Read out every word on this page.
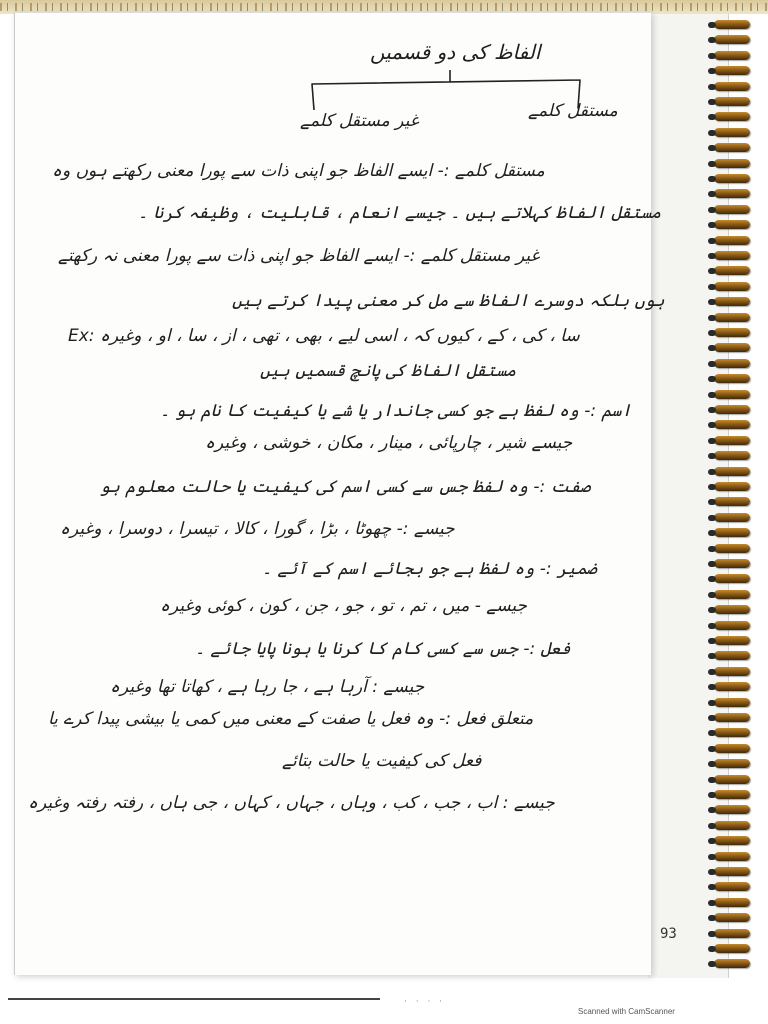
الفاظ کی دو قسمیں
مستقل کلمے
غیر مستقل کلمے
مستقل کلمے :- ایسے الفاظ جو اپنی ذات سے پورا معنی رکھتے ہوں وہ
مستقل الفاظ کہلاتے ہیں ۔ جیسے انعام ، قابلیت ، وظیفہ کرنا ۔
غیر مستقل کلمے :- ایسے الفاظ جو اپنی ذات سے پورا معنی نہ رکھتے
ہوں بلکہ دوسرے الفاظ سے مل کر معنی پیدا کرتے ہیں
Ex: سا ، کی ، کے ، کیوں کہ ، اسی لیے ، بھی ، تھی ، از ، سا ، او ، وغیرہ
مستقل الفاظ کی پانچ قسمیں ہیں
اسم :- وہ لفظ ہے جو کسی جاندار یا شے یا کیفیت کا نام ہو ۔
جیسے شیر ، چارپائی ، مینار ، مکان ، خوشی ، وغیرہ
صفت :- وہ لفظ جس سے کسی اسم کی کیفیت یا حالت معلوم ہو
جیسے :- چھوٹا ، بڑا ، گورا ، کالا ، تیسرا ، دوسرا ، وغیرہ
ضمیر :- وہ لفظ ہے جو بجائے اسم کے آئے ۔
جیسے - میں ، تم ، تو ، جو ، جن ، کون ، کوئی وغیرہ
فعل :- جس سے کسی کام کا کرنا یا ہونا پایا جائے ۔
جیسے : آرہا ہے ، جا رہا ہے ، کھاتا تھا وغیرہ
متعلق فعل :- وہ فعل یا صفت کے معنی میں کمی یا بیشی پیدا کرے یا
فعل کی کیفیت یا حالت بتائے
جیسے : اب ، جب ، کب ، وہاں ، جہاں ، کہاں ، جی ہاں ، رفتہ رفتہ وغیرہ
93
· · · ·
Scanned with CamScanner
